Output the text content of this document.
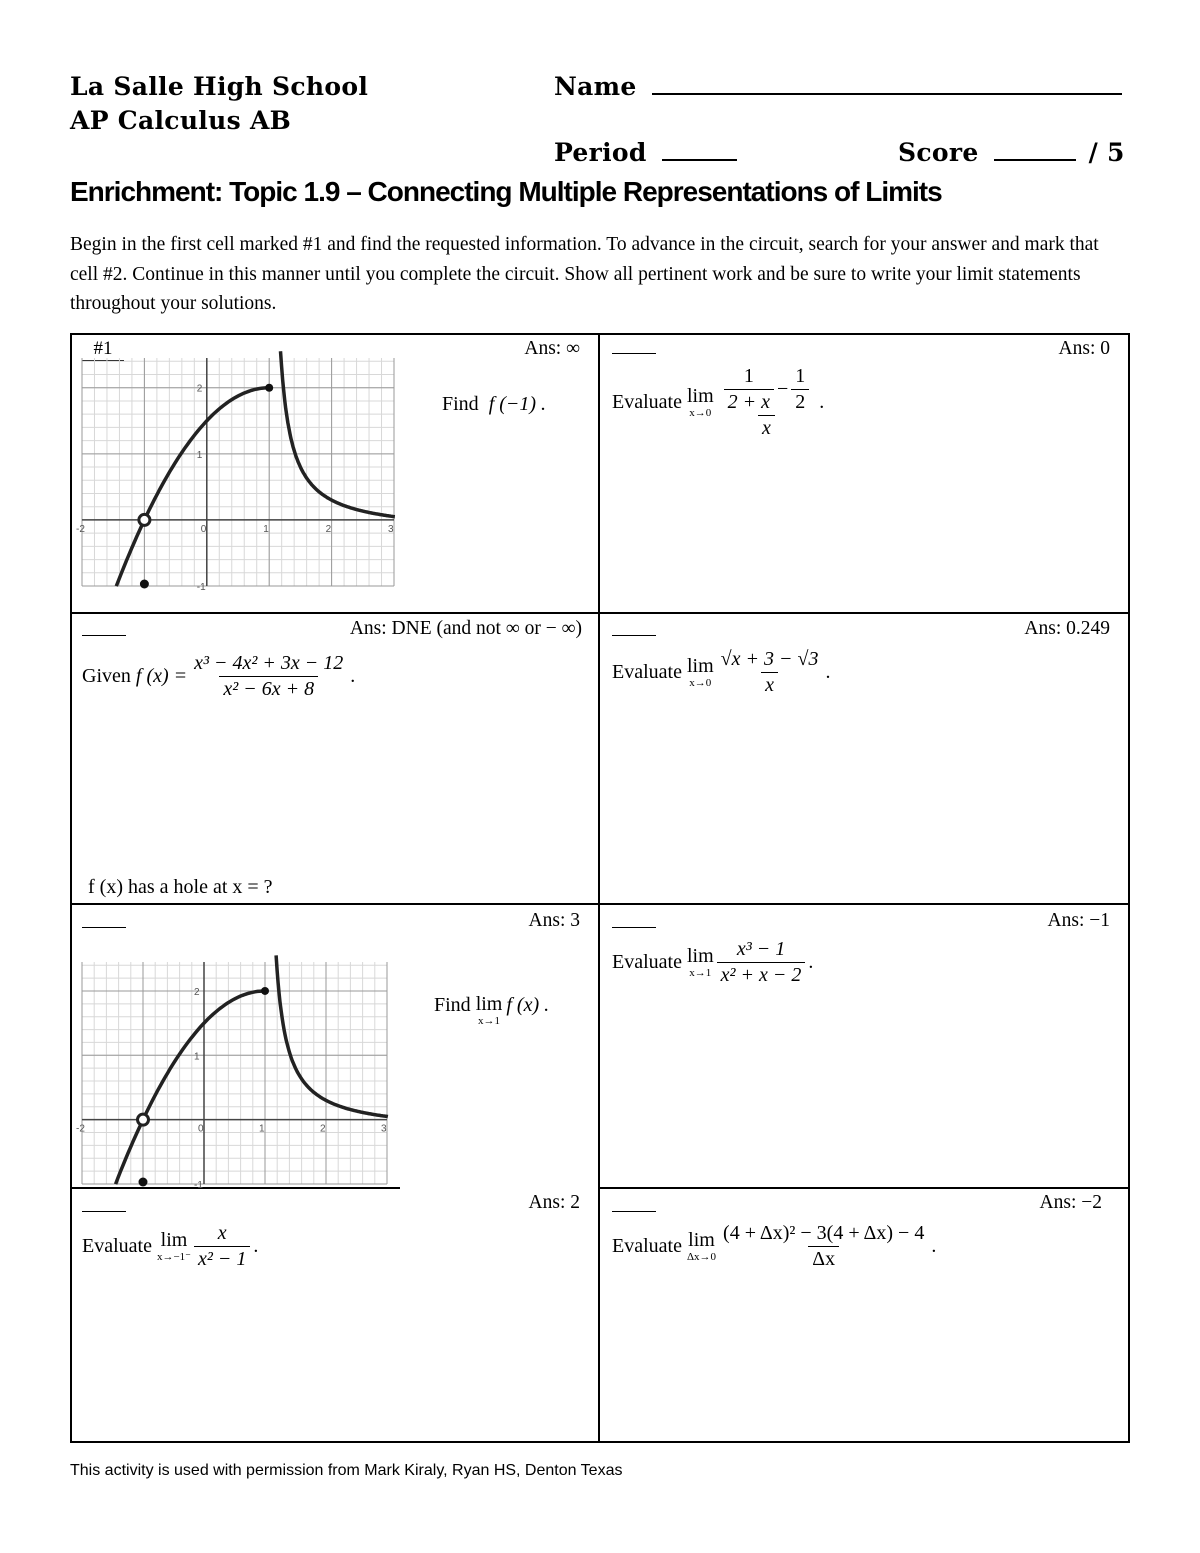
La Salle High School
AP Calculus AB
Name
Period	Score	/ 5
Enrichment: Topic 1.9 – Connecting Multiple Representations of Limits
Begin in the first cell marked #1 and find the requested information. To advance in the circuit, search for your answer and mark that cell #2. Continue in this manner until you complete the circuit. Show all pertinent work and be sure to write your limit statements throughout your solutions.
#1	Ans: ∞
2
1
-1
-2	0	1	2	3
Find f (−1) .
Ans: 0
Evaluate
lim
$x\to 0 \frac{\frac{1}{2 + x} - \frac{1}{2}}{x}$ .
Ans: DNE (and not ∞ or − ∞)
Given
f $(x) = \frac{\text{x³ − 4x² + 3x − 12}}{\text{x² − 6x + 8}}$ .
f (x) has a hole at x = ?
Ans: 0.249
Evaluate
lim
$x\to 0 \frac{√x + 3 - √3}{x}$ .
Ans: 3
2
1
-1
-2	0	1	2	3
Find
lim
x→1
f (x) .
Ans: −1
Evaluate
lim
$x\to 1 \frac{\text{x³ − 1}}{\text{x² + x − 2}}$ .
Ans: 2
Evaluate
lim
$x\to-1^- \frac{x}{\text{x² − 1}}$ .
Ans: −2
Evaluate
lim
$\Delta x\to 0 \frac{\text{(4 + Δx)² − 3(4 + Δx) − 4}}{\Delta x}$ .
This activity is used with permission from Mark Kiraly, Ryan HS, Denton Texas
